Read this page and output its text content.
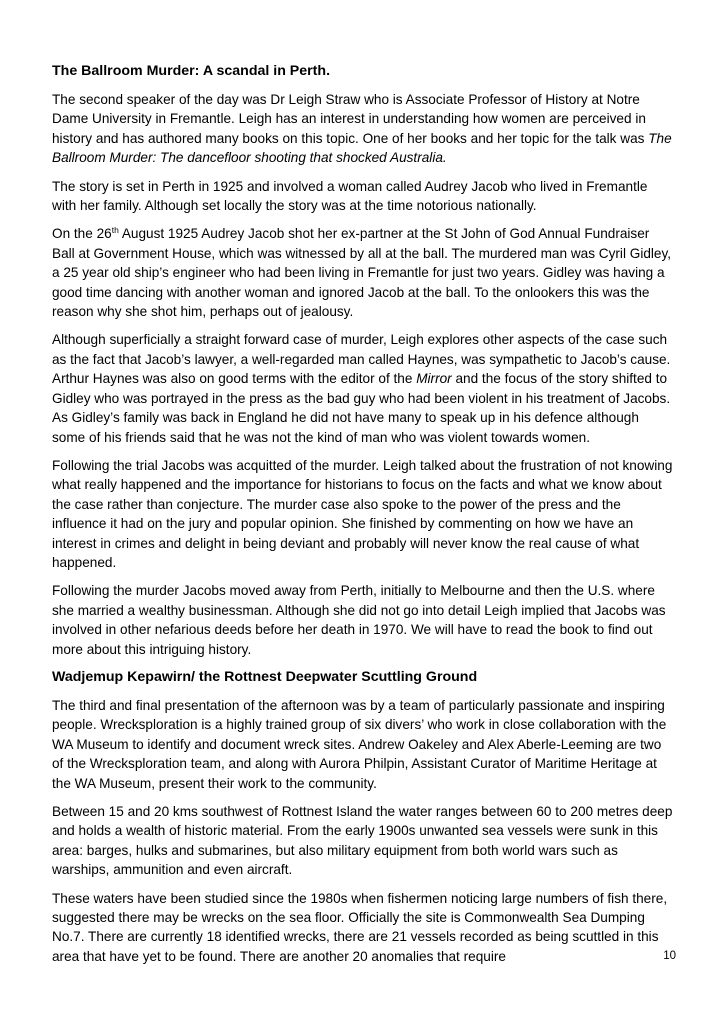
The Ballroom Murder: A scandal in Perth.

The second speaker of the day was Dr Leigh Straw who is Associate Professor of History at Notre Dame University in Fremantle. Leigh has an interest in understanding how women are perceived in history and has authored many books on this topic. One of her books and her topic for the talk was The Ballroom Murder: The dancefloor shooting that shocked Australia.

The story is set in Perth in 1925 and involved a woman called Audrey Jacob who lived in Fremantle with her family. Although set locally the story was at the time notorious nationally.

On the 26th August 1925 Audrey Jacob shot her ex-partner at the St John of God Annual Fundraiser Ball at Government House, which was witnessed by all at the ball. The murdered man was Cyril Gidley, a 25 year old ship’s engineer who had been living in Fremantle for just two years. Gidley was having a good time dancing with another woman and ignored Jacob at the ball. To the onlookers this was the reason why she shot him, perhaps out of jealousy.

Although superficially a straight forward case of murder, Leigh explores other aspects of the case such as the fact that Jacob’s lawyer, a well-regarded man called Haynes, was sympathetic to Jacob’s cause. Arthur Haynes was also on good terms with the editor of the Mirror and the focus of the story shifted to Gidley who was portrayed in the press as the bad guy who had been violent in his treatment of Jacobs. As Gidley’s family was back in England he did not have many to speak up in his defence although some of his friends said that he was not the kind of man who was violent towards women.

Following the trial Jacobs was acquitted of the murder. Leigh talked about the frustration of not knowing what really happened and the importance for historians to focus on the facts and what we know about the case rather than conjecture. The murder case also spoke to the power of the press and the influence it had on the jury and popular opinion. She finished by commenting on how we have an interest in crimes and delight in being deviant and probably will never know the real cause of what happened.

Following the murder Jacobs moved away from Perth, initially to Melbourne and then the U.S. where she married a wealthy businessman. Although she did not go into detail Leigh implied that Jacobs was involved in other nefarious deeds before her death in 1970. We will have to read the book to find out more about this intriguing history.

Wadjemup Kepawirn/ the Rottnest Deepwater Scuttling Ground

The third and final presentation of the afternoon was by a team of particularly passionate and inspiring people. Wrecksploration is a highly trained group of six divers’ who work in close collaboration with the WA Museum to identify and document wreck sites. Andrew Oakeley and Alex Aberle-Leeming are two of the Wrecksploration team, and along with Aurora Philpin, Assistant Curator of Maritime Heritage at the WA Museum, present their work to the community.

Between 15 and 20 kms southwest of Rottnest Island the water ranges between 60 to 200 metres deep and holds a wealth of historic material. From the early 1900s unwanted sea vessels were sunk in this area: barges, hulks and submarines, but also military equipment from both world wars such as warships, ammunition and even aircraft.

These waters have been studied since the 1980s when fishermen noticing large numbers of fish there, suggested there may be wrecks on the sea floor. Officially the site is Commonwealth Sea Dumping No.7. There are currently 18 identified wrecks, there are 21 vessels recorded as being scuttled in this area that have yet to be found. There are another 20 anomalies that require	10
